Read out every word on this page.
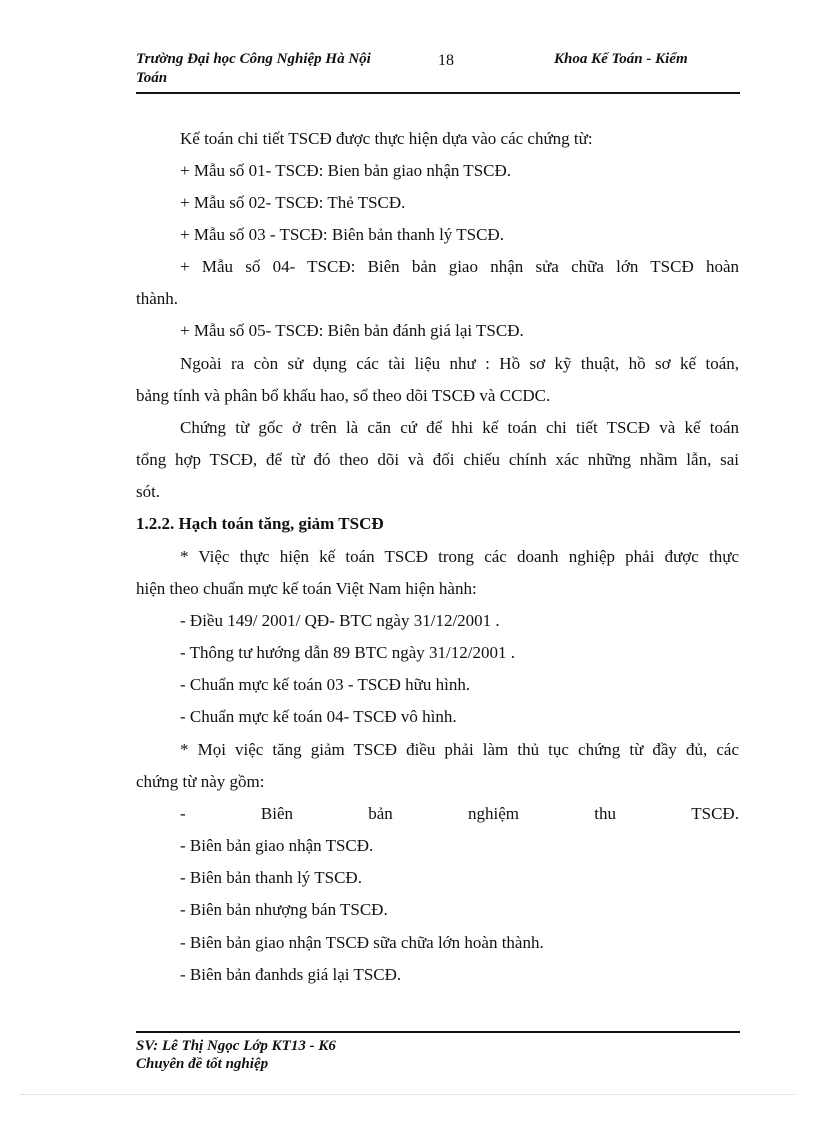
Trường Đại học Công Nghiệp Hà Nội
Toán
18	Khoa Kế Toán - Kiểm
Kế toán chi tiết TSCĐ được thực hiện dựa vào các chứng từ:
+ Mẫu số 01- TSCĐ: Bien bản giao nhận TSCĐ.
+ Mẫu số 02- TSCĐ: Thẻ TSCĐ.
+ Mẫu số 03 - TSCĐ: Biên bản thanh lý TSCĐ.
+ Mẫu số 04- TSCĐ: Biên bản giao nhận sửa chữa lớn TSCĐ hoàn
thành.
+ Mẫu số 05- TSCĐ: Biên bản đánh giá lại TSCĐ.
Ngoài ra còn sử dụng các tài liệu như : Hồ sơ kỹ thuật, hồ sơ kế toán,
bảng tính và phân bổ khấu hao, sổ theo dõi TSCĐ và CCDC.
Chứng từ gốc ở trên là căn cứ để hhi kế toán chi tiết TSCĐ và kế toán
tổng hợp TSCĐ, để từ đó theo dõi và đối chiếu chính xác những nhầm lẫn, sai
sót.
1.2.2. Hạch toán tăng, giảm TSCĐ
* Việc thực hiện kế toán TSCĐ trong các doanh nghiệp phải được thực
hiện theo chuẩn mực kế toán Việt Nam hiện hành:
- Điều 149/ 2001/ QĐ- BTC ngày 31/12/2001 .
- Thông tư hướng dẫn 89 BTC ngày 31/12/2001 .
- Chuẩn mực kế toán 03 - TSCĐ hữu hình.
- Chuẩn mực kế toán 04- TSCĐ vô hình.
* Mọi việc tăng giảm TSCĐ điều phải làm thủ tục chứng từ đầy đủ, các
chứng từ này gồm:
-	Biên	bản	nghiệm	thu	TSCĐ.
- Biên bản giao nhận TSCĐ.
- Biên bản thanh lý TSCĐ.
- Biên bản nhượng bán TSCĐ.
- Biên bản giao nhận TSCĐ sữa chữa lớn hoàn thành.
- Biên bản đanhds giá lại TSCĐ.
SV: Lê Thị Ngọc Lớp KT13 - K6
Chuyên đề tốt nghiệp
